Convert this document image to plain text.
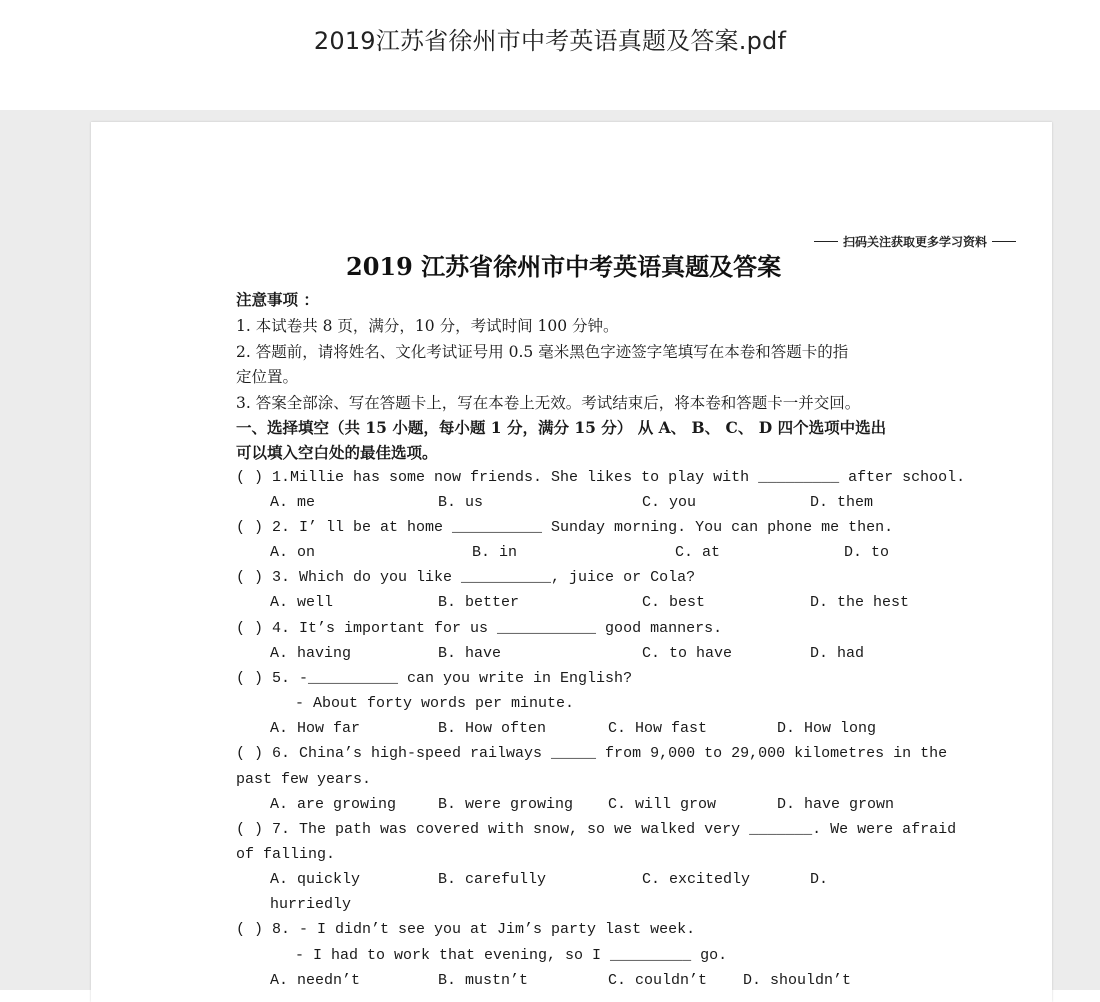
2019江苏省徐州市中考英语真题及答案.pdf
扫码关注获取更多学习资料
2019 江苏省徐州市中考英语真题及答案
注意事项 ：
1. 本试卷共 8 页，满分，10 分，考试时间 100 分钟。
2. 答题前，请将姓名、文化考试证号用 0.5 毫米黑色字迹签字笔填写在本卷和答题卡的指
定位置。
3. 答案全部涂、写在答题卡上，写在本卷上无效。考试结束后，将本卷和答题卡一并交回。
一、选择填空（共 15 小题，每小题 1 分，满分 15 分） 从 A、 B、 C、 D 四个选项中选出
可以填入空白处的最佳选项。
( ) 1.Millie has some now friends. She likes to play with _________ after school.
A. me	B. us	C. you	D. them
( ) 2. I’ ll be at home __________ Sunday morning. You can phone me then.
A. on	B. in	C. at	D. to
( ) 3. Which do you like __________, juice or Cola?
A. well	B. better	C. best	D. the hest
( ) 4. It’s important for us ___________ good manners.
A. having	B. have	C. to have	D. had
( ) 5. -__________ can you write in English?
- About forty words per minute.
A. How far	B. How often	C. How fast	D. How long
( ) 6. China’s high-speed railways _____ from 9,000 to 29,000 kilometres in the
past few years.
A. are growing	B. were growing C. will grow	D. have grown
( ) 7. The path was covered with snow, so we walked very _______. We were afraid
of falling.
A. quickly	B. carefully	C. excitedly	D.
hurriedly
( ) 8. - I didn’t see you at Jim’s party last week.
- I had to work that evening, so I _________ go.
A. needn’t	B. mustn’t	C. couldn’t D. shouldn’t
